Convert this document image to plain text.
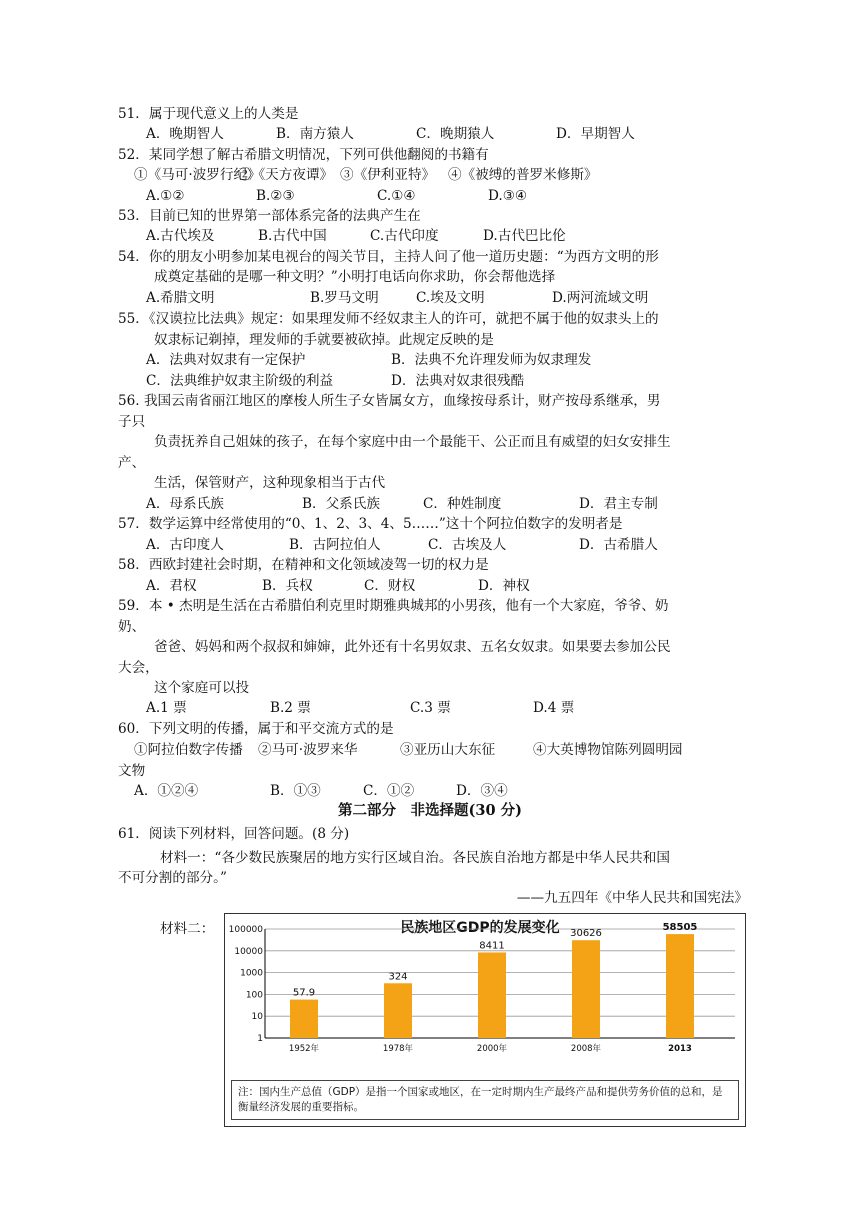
51．属于现代意义上的人类是
A．晚期智人	B．南方猿人	C．晚期猿人	D．早期智人
52．某同学想了解古希腊文明情况，下列可供他翻阅的书籍有
①《马可·波罗行纪》
②《天方夜谭》 ③《伊利亚特》 ④《被缚的普罗米修斯》
A.①②	B.②③	C.①④	D.③④
53．目前已知的世界第一部体系完备的法典产生在
A.古代埃及	B.古代中国	C.古代印度	D.古代巴比伦
54．你的朋友小明参加某电视台的闯关节目，主持人问了他一道历史题：“为西方文明的形
成奠定基础的是哪一种文明？”小明打电话向你求助，你会帮他选择
A.希腊文明	B.罗马文明	C.埃及文明	D.两河流域文明
55．《汉谟拉比法典》规定：如果理发师不经奴隶主人的许可，就把不属于他的奴隶头上的
奴隶标记剃掉，理发师的手就要被砍掉。此规定反映的是
A．法典对奴隶有一定保护	B．法典不允许理发师为奴隶理发
C．法典维护奴隶主阶级的利益	D．法典对奴隶很残酷
56. 我国云南省丽江地区的摩梭人所生子女皆属女方，血缘按母系计，财产按母系继承，男
子只
负责抚养自己姐妹的孩子，在每个家庭中由一个最能干、公正而且有威望的妇女安排生
产、
生活，保管财产，这种现象相当于古代
A．母系氏族	B．父系氏族	C．种姓制度	D．君主专制
57．数学运算中经常使用的“0、1、2、3、4、5……”这十个阿拉伯数字的发明者是
A．古印度人	B．古阿拉伯人	C．古埃及人	D．古希腊人
58．西欧封建社会时期，在精神和文化领域凌驾一切的权力是
A．君权	B．兵权	C．财权	D．神权
59．本 • 杰明是生活在古希腊伯利克里时期雅典城邦的小男孩，他有一个大家庭，爷爷、奶
奶、
爸爸、妈妈和两个叔叔和婶婶，此外还有十名男奴隶、五名女奴隶。如果要去参加公民
大会，
这个家庭可以投
A.1 票	B.2 票	C.3 票	D.4 票
60．下列文明的传播，属于和平交流方式的是
①阿拉伯数字传播 ②马可·波罗来华	③亚历山大东征	④大英博物馆陈列圆明园
文物
A．①②④	B．①③	C．①②	D．③④
第二部分　非选择题(30 分)
61．阅读下列材料，回答问题。(8 分)
材料一：“各少数民族聚居的地方实行区域自治。各民族自治地方都是中华人民共和国
不可分割的部分。”
——九五四年《中华人民共和国宪法》
材料二：	民族地区GDP的发展变化
100000
10000
1000
100
10
1
57.9
1952年
324
1978年
8411
2000年
30626
2008年
58505
2013
注：国内生产总值（GDP）是指一个国家或地区，在一定时期内生产最终产品和提供劳务价值的总和，是衡量经济发展的重要指标。
